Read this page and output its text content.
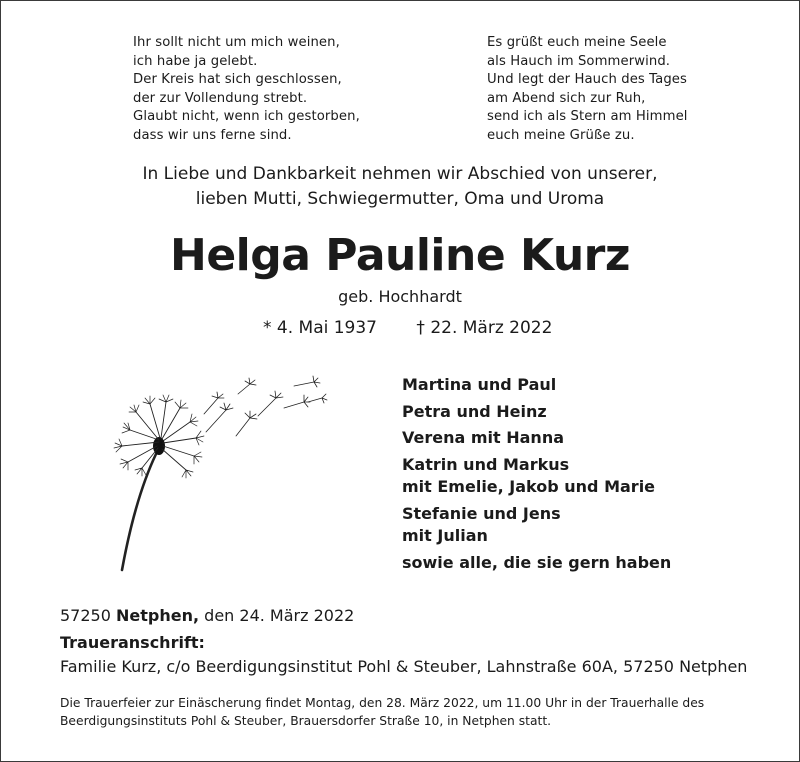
Ihr sollt nicht um mich weinen,
ich habe ja gelebt.
Der Kreis hat sich geschlossen,
der zur Vollendung strebt.
Glaubt nicht, wenn ich gestorben,
dass wir uns ferne sind.
Es grüßt euch meine Seele
als Hauch im Sommerwind.
Und legt der Hauch des Tages
am Abend sich zur Ruh,
send ich als Stern am Himmel
euch meine Grüße zu.
In Liebe und Dankbarkeit nehmen wir Abschied von unserer,
lieben Mutti, Schwiegermutter, Oma und Uroma
Helga Pauline Kurz
geb. Hochhardt
* 4. Mai 1937 † 22. März 2022
Martina und Paul
Petra und Heinz
Verena mit Hanna
Katrin und Markus
mit Emelie, Jakob und Marie
Stefanie und Jens
mit Julian
sowie alle, die sie gern haben
57250 Netphen, den 24. März 2022
Traueranschrift:
Familie Kurz, c/o Beerdigungsinstitut Pohl & Steuber, Lahnstraße 60A, 57250 Netphen
Die Trauerfeier zur Einäscherung findet Montag, den 28. März 2022, um 11.00 Uhr in der Trauerhalle des
Beerdigungsinstituts Pohl & Steuber, Brauersdorfer Straße 10, in Netphen statt.
